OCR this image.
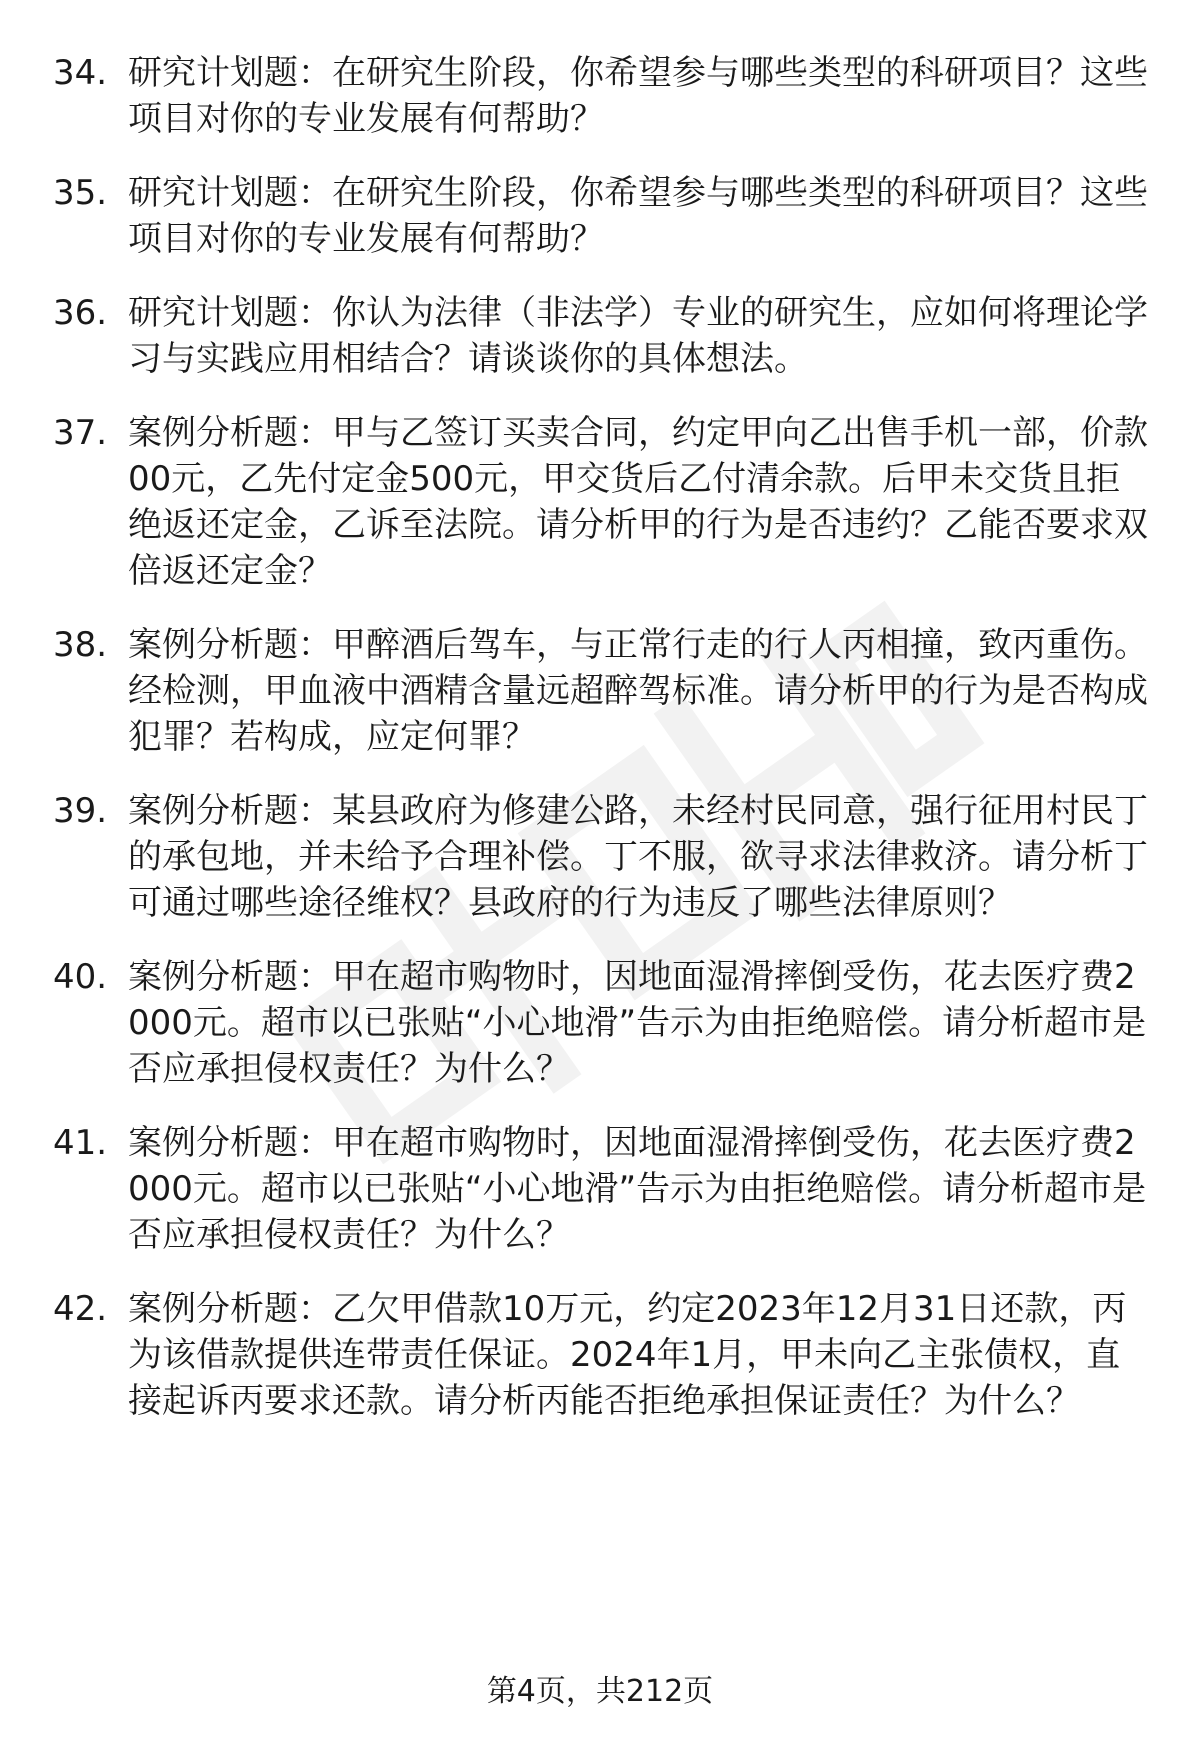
34. 研究计划题：在研究生阶段，你希望参与哪些类型的科研项目？这些项目对你的专业发展有何帮助？
35. 研究计划题：在研究生阶段，你希望参与哪些类型的科研项目？这些项目对你的专业发展有何帮助？
36. 研究计划题：你认为法律（非法学）专业的研究生，应如何将理论学习与实践应用相结合？请谈谈你的具体想法。
37. 案例分析题：甲与乙签订买卖合同，约定甲向乙出售手机一部，价款00元，乙先付定金500元，甲交货后乙付清余款。后甲未交货且拒绝返还定金，乙诉至法院。请分析甲的行为是否违约？乙能否要求双倍返还定金？
38. 案例分析题：甲醉酒后驾车，与正常行走的行人丙相撞，致丙重伤。经检测，甲血液中酒精含量远超醉驾标准。请分析甲的行为是否构成犯罪？若构成，应定何罪？
39. 案例分析题：某县政府为修建公路，未经村民同意，强行征用村民丁的承包地，并未给予合理补偿。丁不服，欲寻求法律救济。请分析丁可通过哪些途径维权？县政府的行为违反了哪些法律原则？
40. 案例分析题：甲在超市购物时，因地面湿滑摔倒受伤，花去医疗费2000元。超市以已张贴“小心地滑”告示为由拒绝赔偿。请分析超市是否应承担侵权责任？为什么？
41. 案例分析题：甲在超市购物时，因地面湿滑摔倒受伤，花去医疗费2000元。超市以已张贴“小心地滑”告示为由拒绝赔偿。请分析超市是否应承担侵权责任？为什么？
42. 案例分析题：乙欠甲借款10万元，约定2023年12月31日还款，丙为该借款提供连带责任保证。2024年1月，甲未向乙主张债权，直接起诉丙要求还款。请分析丙能否拒绝承担保证责任？为什么？
第4页，共212页
